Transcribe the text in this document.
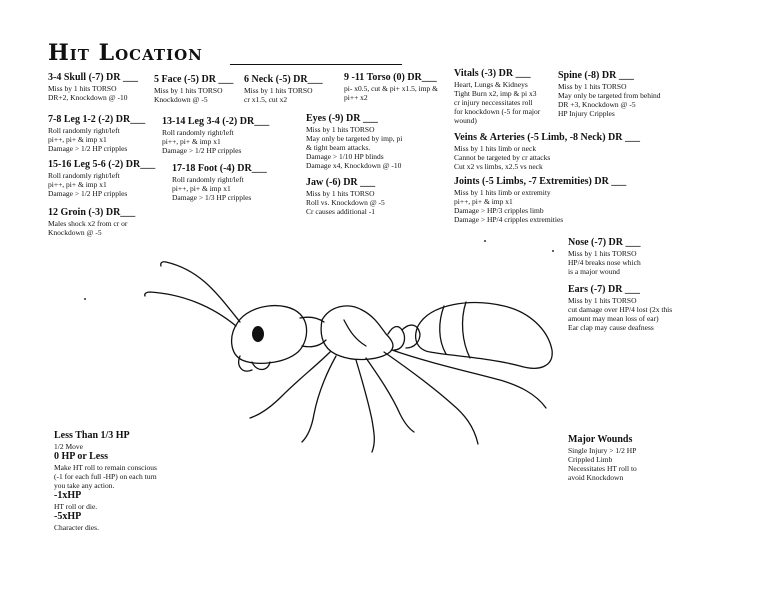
Hit Location
3-4 Skull (-7) DR ___
Miss by 1 hits TORSO
DR+2, Knockdown @ -10
5 Face (-5) DR ___
Miss by 1 hits TORSO
Knockdown @ -5
6 Neck (-5) DR___
Miss by 1 hits TORSO
cr x1.5, cut x2
9 -11 Torso (0) DR___
pi- x0.5, cut & pi+ x1.5, imp &
pi++ x2
7-8 Leg 1-2 (-2) DR___
Roll randomly right/left
pi++, pi+ & imp x1
Damage > 1/2 HP cripples
13-14 Leg 3-4 (-2) DR___
Roll randomly right/left
pi++, pi+ & imp x1
Damage > 1/2 HP cripples
15-16 Leg 5-6 (-2) DR___
Roll randomly right/left
pi++, pi+ & imp x1
Damage > 1/2 HP cripples
17-18 Foot (-4) DR___
Roll randomly right/left
pi++, pi+ & imp x1
Damage > 1/3 HP cripples
12 Groin (-3) DR___
Males shock x2 from cr or
Knockdown @ -5
Eyes (-9) DR ___
Miss by 1 hits TORSO
May only be targeted by imp, pi
& tight beam attacks.
Damage > 1/10 HP blinds
Damage x4, Knockdown @ -10
Jaw (-6) DR ___
Miss by 1 hits TORSO
Roll vs. Knockdown @ -5
Cr causes additional -1
Vitals (-3) DR ___
Heart, Lungs & Kidneys
Tight Burn x2, imp & pi x3
cr injury neccessitates roll
for knockdown (-5 for major
wound)
Spine (-8) DR ___
Miss by 1 hits TORSO
May only be targeted from behind
DR +3, Knockdown @ -5
HP Injury Cripples
Veins & Arteries (-5 Limb, -8 Neck) DR ___
Miss by 1 hits limb or neck
Cannot be targeted by cr attacks
Cut x2 vs limbs, x2.5 vs neck
Joints (-5 Limbs, -7 Extremities) DR ___
Miss by 1 hits limb or extremity
pi++, pi+ & imp x1
Damage > HP/3 cripples limb
Damage > HP/4 cripples extremities
Nose (-7) DR ___
Miss by 1 hits TORSO
HP/4 breaks nose which
is a major wound
Ears (-7) DR ___
Miss by 1 hits TORSO
cut damage over HP/4 lost (2x this
amount may mean loss of ear)
Ear clap may cause deafness
Major Wounds
Single Injury > 1/2 HP
Crippled Limb
Necessitates HT roll to
avoid Knockdown
Less Than 1/3 HP
1/2 Move
0 HP or Less
Make HT roll to remain conscious
(-1 for each full -HP) on each turn
you take any action.
-1xHP
HT roll or die.
-5xHP
Character dies.
